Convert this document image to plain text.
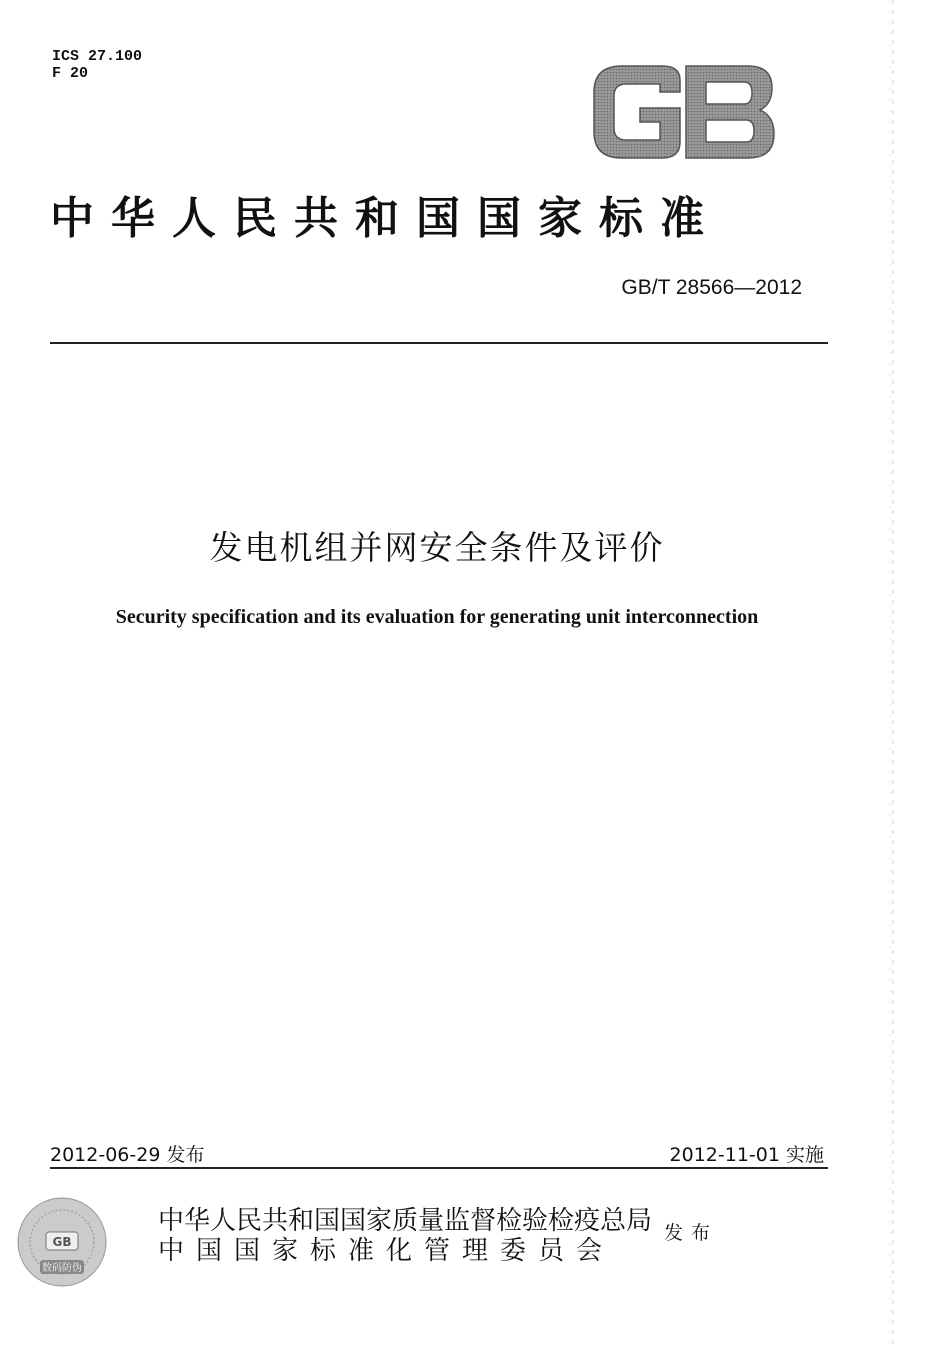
ICS 27.100
F 20
中华人民共和国国家标准
GB/T 28566—2012
发电机组并网安全条件及评价
Security specification and its evaluation for generating unit interconnection
2012-06-29 发布	2012-11-01 实施
GB
数码防伪
中华人民共和国国家质量监督检验检疫总局
中国国家标准化管理委员会
发布
